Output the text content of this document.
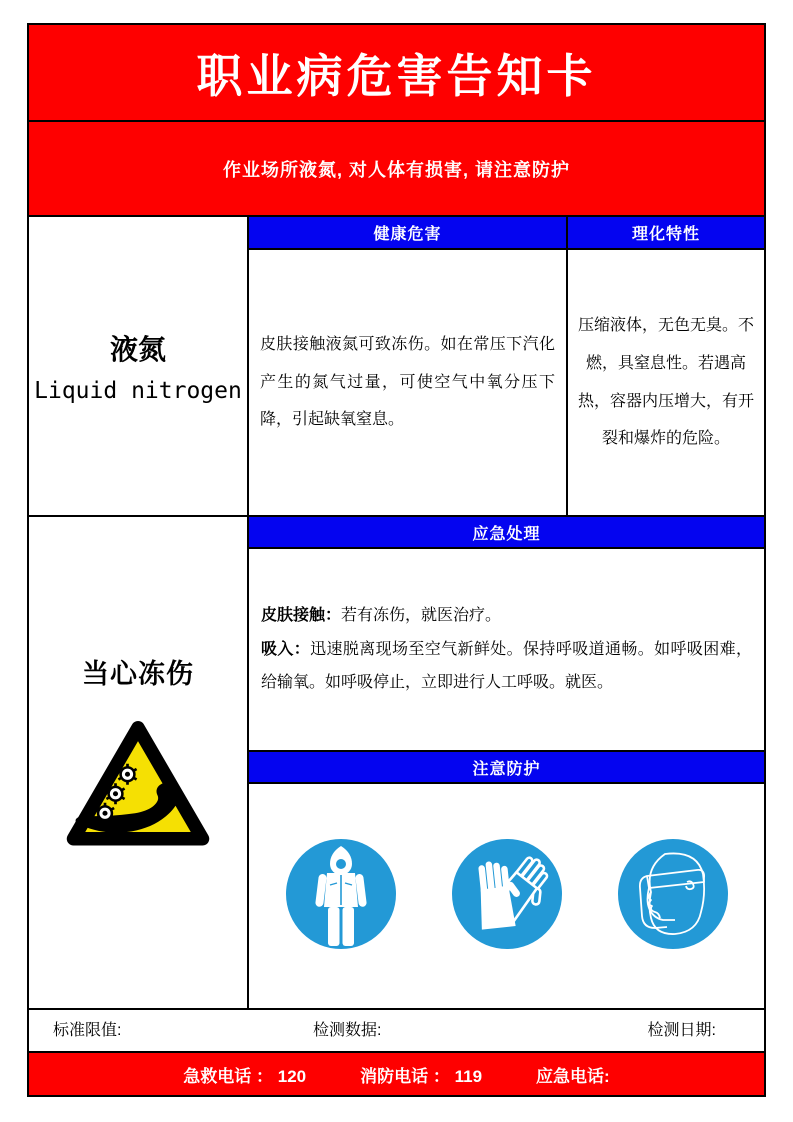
职业病危害告知卡
作业场所液氮, 对人体有损害, 请注意防护
液氮
Liquid nitrogen
当心冻伤
健康危害	理化特性

皮肤接触液氮可致冻伤。如在常压下汽化产生的氮气过量，可使空气中氧分压下降，引起缺氧窒息。

压缩液体，无色无臭。不燃，具窒息性。若遇高热，容器内压增大，有开裂和爆炸的危险。

应急处理

皮肤接触：若有冻伤，就医治疗。

吸入：迅速脱离现场至空气新鲜处。保持呼吸道通畅。如呼吸困难，给输氧。如呼吸停止，立即进行人工呼吸。就医。

注意防护
标准限值:	检测数据:	检测日期:
急救电话 ： 120	消防电话 ： 119	应急电话:
